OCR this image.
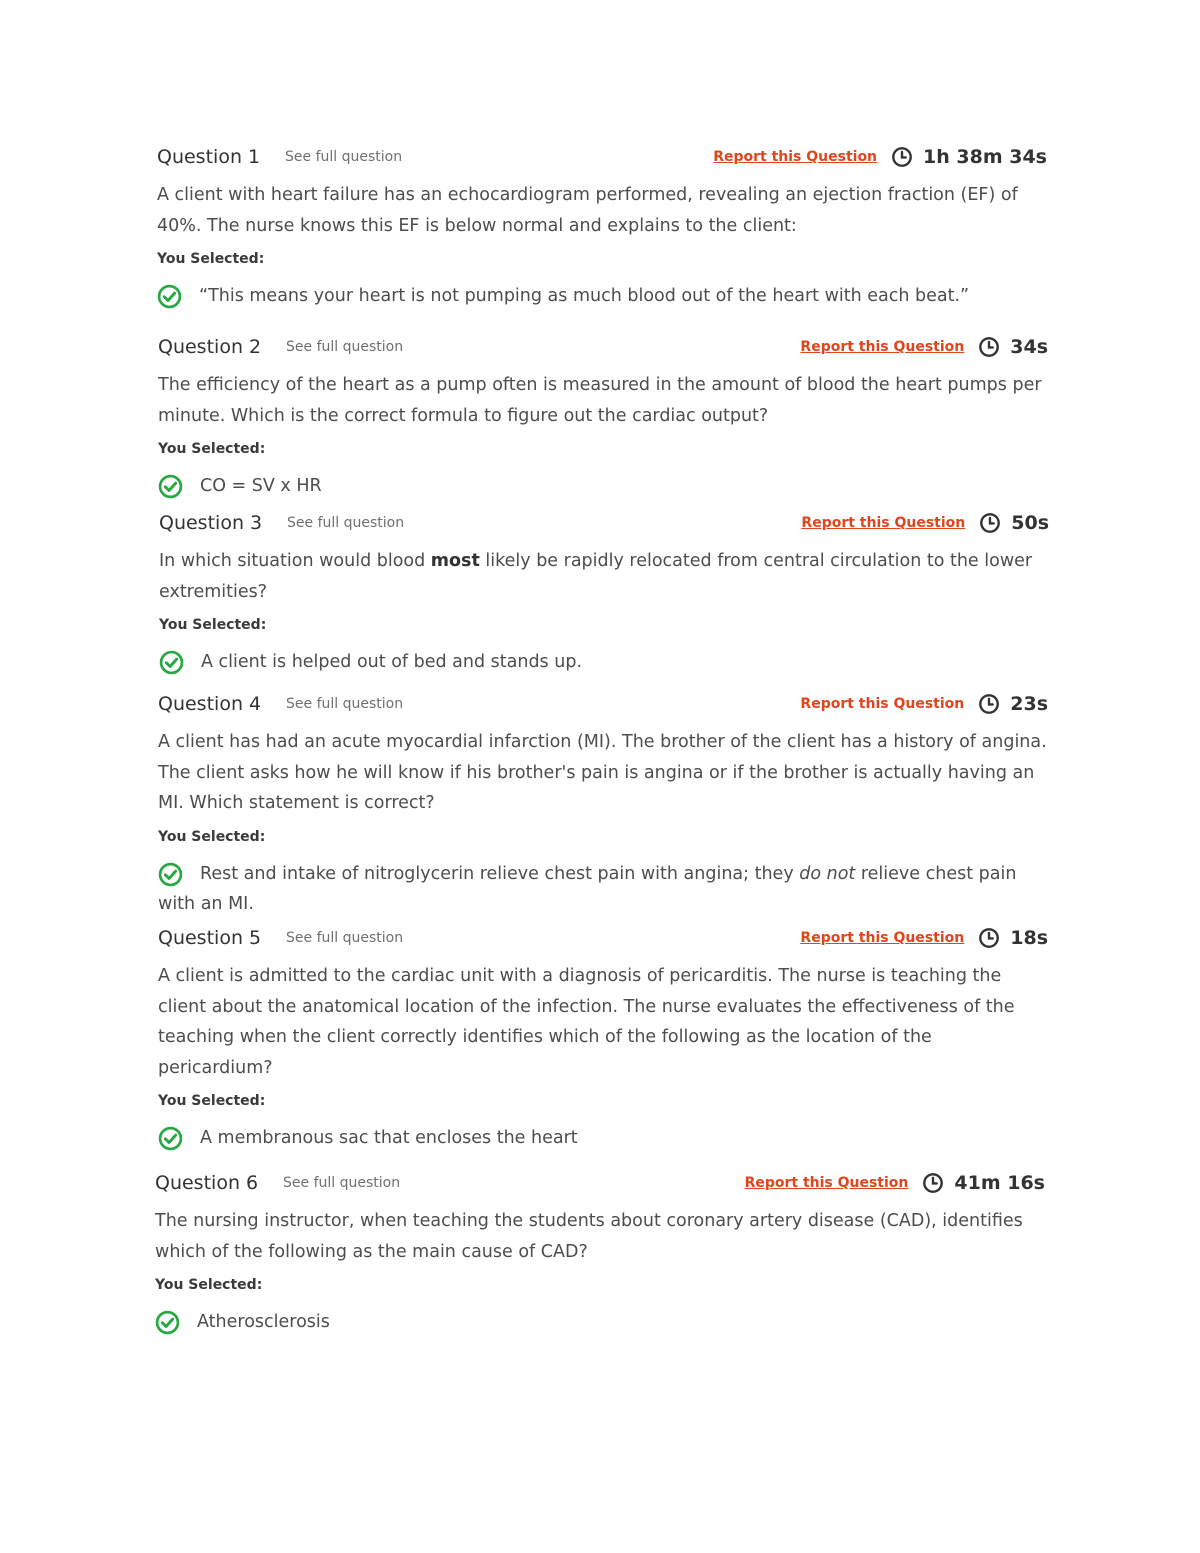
Question 1 See full question	Report this Question 1h 38m 34s
A client with heart failure has an echocardiogram performed, revealing an ejection fraction (EF) of 40%. The nurse knows this EF is below normal and explains to the client:
You Selected:
“This means your heart is not pumping as much blood out of the heart with each beat.”
Question 2 See full question	Report this Question 34s
The efficiency of the heart as a pump often is measured in the amount of blood the heart pumps per minute. Which is the correct formula to figure out the cardiac output?
You Selected:
CO = SV x HR
Question 3 See full question	Report this Question 50s
In which situation would blood most likely be rapidly relocated from central circulation to the lower extremities?
You Selected:
A client is helped out of bed and stands up.
Question 4 See full question	Report this Question 23s
A client has had an acute myocardial infarction (MI). The brother of the client has a history of angina. The client asks how he will know if his brother's pain is angina or if the brother is actually having an MI. Which statement is correct?
You Selected:
Rest and intake of nitroglycerin relieve chest pain with angina; they do not relieve chest pain with an MI.
Question 5 See full question	Report this Question 18s
A client is admitted to the cardiac unit with a diagnosis of pericarditis. The nurse is teaching the client about the anatomical location of the infection. The nurse evaluates the effectiveness of the teaching when the client correctly identifies which of the following as the location of the pericardium?
You Selected:
A membranous sac that encloses the heart
Question 6 See full question	Report this Question 41m 16s
The nursing instructor, when teaching the students about coronary artery disease (CAD), identifies which of the following as the main cause of CAD?
You Selected:
Atherosclerosis
